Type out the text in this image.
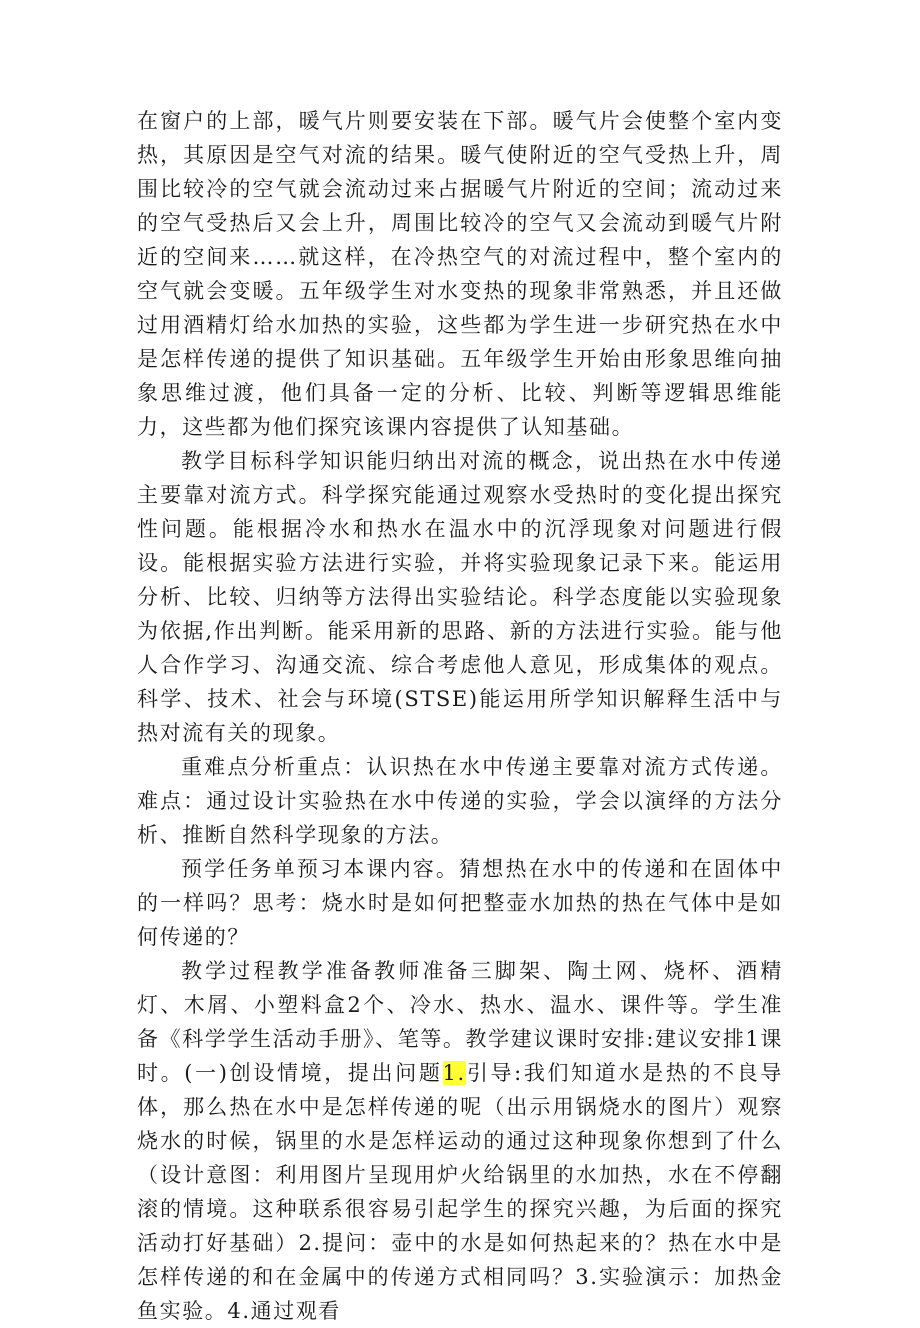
在窗户的上部，暖气片则要安装在下部。暖气片会使整个室内变热，其原因是空气对流的结果。暖气使附近的空气受热上升，周围比较冷的空气就会流动过来占据暖气片附近的空间；流动过来的空气受热后又会上升，周围比较冷的空气又会流动到暖气片附近的空间来……就这样，在冷热空气的对流过程中，整个室内的空气就会变暖。五年级学生对水变热的现象非常熟悉，并且还做过用酒精灯给水加热的实验，这些都为学生进一步研究热在水中是怎样传递的提供了知识基础。五年级学生开始由形象思维向抽象思维过渡，他们具备一定的分析、比较、判断等逻辑思维能力，这些都为他们探究该课内容提供了认知基础。

教学目标科学知识能归纳出对流的概念，说出热在水中传递主要靠对流方式。科学探究能通过观察水受热时的变化提出探究性问题。能根据冷水和热水在温水中的沉浮现象对问题进行假设。能根据实验方法进行实验，并将实验现象记录下来。能运用分析、比较、归纳等方法得出实验结论。科学态度能以实验现象为依据,作出判断。能采用新的思路、新的方法进行实验。能与他人合作学习、沟通交流、综合考虑他人意见，形成集体的观点。科学、技术、社会与环境(STSE)能运用所学知识解释生活中与热对流有关的现象。

重难点分析重点：认识热在水中传递主要靠对流方式传递。难点：通过设计实验热在水中传递的实验，学会以演绎的方法分析、推断自然科学现象的方法。

预学任务单预习本课内容。猜想热在水中的传递和在固体中的一样吗？思考：烧水时是如何把整壶水加热的热在气体中是如何传递的？

教学过程教学准备教师准备三脚架、陶土网、烧杯、酒精灯、木屑、小塑料盒2个、冷水、热水、温水、课件等。学生准备《科学学生活动手册》、笔等。教学建议课时安排:建议安排1课时。(一)创设情境，提出问题1.引导:我们知道水是热的不良导体，那么热在水中是怎样传递的呢（出示用锅烧水的图片）观察烧水的时候，锅里的水是怎样运动的通过这种现象你想到了什么（设计意图：利用图片呈现用炉火给锅里的水加热，水在不停翻滚的情境。这种联系很容易引起学生的探究兴趣，为后面的探究活动打好基础）2.提问：壶中的水是如何热起来的？热在水中是怎样传递的和在金属中的传递方式相同吗？3.实验演示：加热金鱼实验。4.通过观看
